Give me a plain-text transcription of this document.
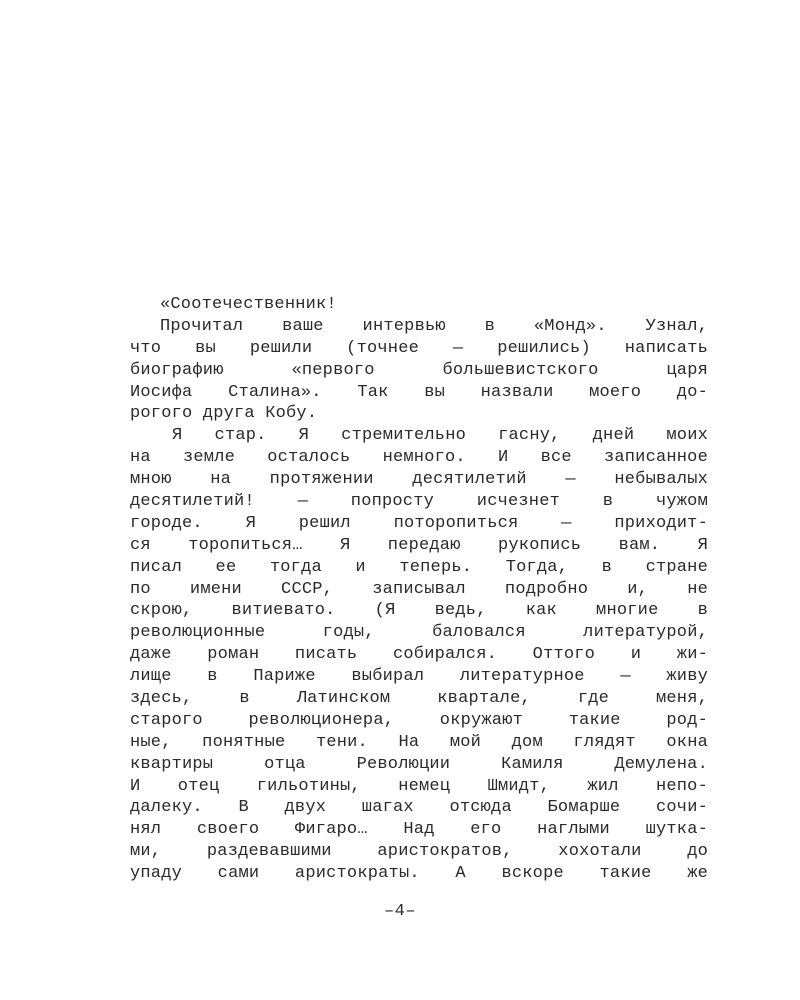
«Соотечественник!
Прочитал ваше интервью в «Монд». Узнал,
что вы решили (точнее — решились) написать
биографию «первого большевистского царя
Иосифа Сталина». Так вы назвали моего до-
рогого друга Кобу.
Я стар. Я стремительно гасну, дней моих
на земле осталось немного. И все записанное
мною на протяжении десятилетий — небывалых
десятилетий! — попросту исчезнет в чужом
городе. Я решил поторопиться — приходит-
ся торопиться… Я передаю рукопись вам. Я
писал ее тогда и теперь. Тогда, в стране
по имени СССР, записывал подробно и, не
скрою, витиевато. (Я ведь, как многие в
революционные годы, баловался литературой,
даже роман писать собирался. Оттого и жи-
лище в Париже выбирал литературное — живу
здесь, в Латинском квартале, где меня,
старого революционера, окружают такие род-
ные, понятные тени. На мой дом глядят окна
квартиры отца Революции Камиля Демулена.
И отец гильотины, немец Шмидт, жил непо-
далеку. В двух шагах отсюда Бомарше сочи-
нял своего Фигаро… Над его наглыми шутка-
ми, раздевавшими аристократов, хохотали до
упаду сами аристократы. А вскоре такие же
–4–
